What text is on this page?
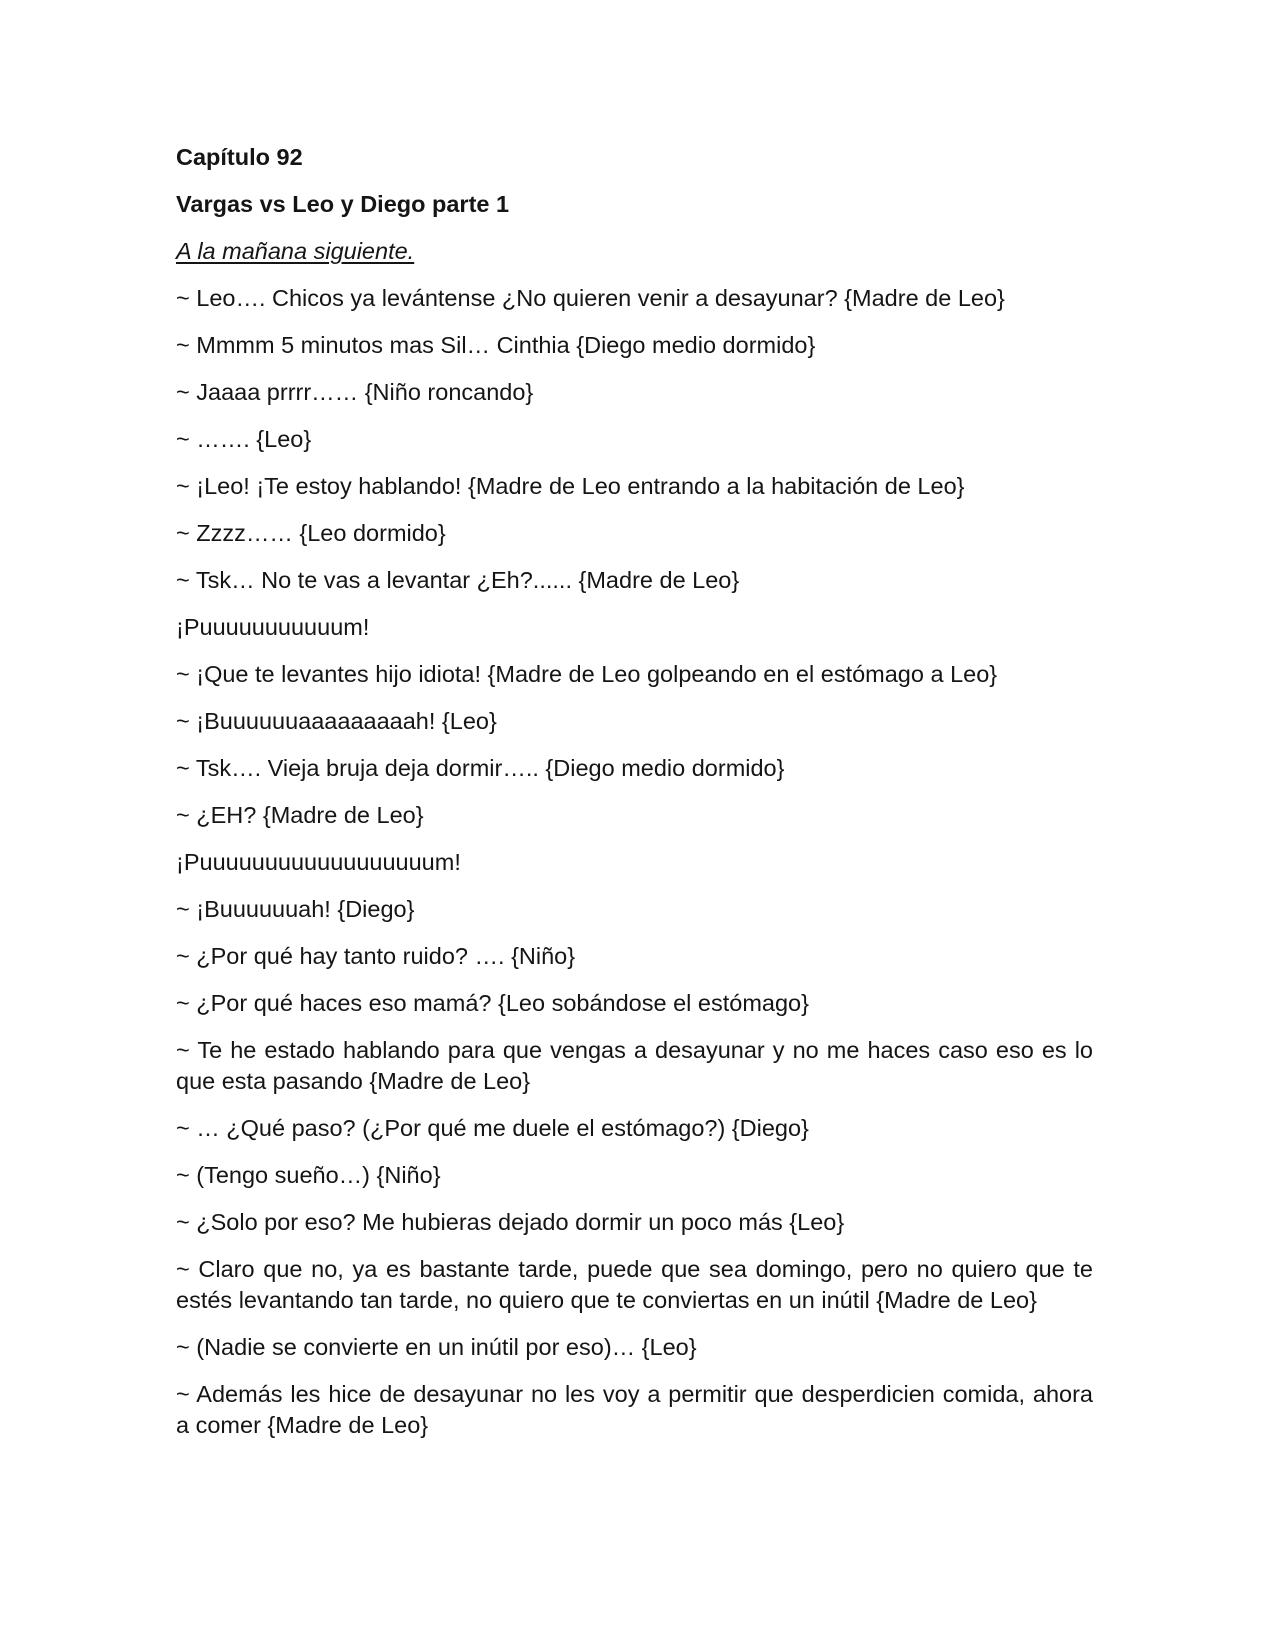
Capítulo 92

Vargas vs Leo y Diego parte 1

A la mañana siguiente.

~ Leo…. Chicos ya levántense ¿No quieren venir a desayunar? {Madre de Leo}

~ Mmmm 5 minutos mas Sil… Cinthia {Diego medio dormido}

~ Jaaaa prrrr…… {Niño roncando}

~ ……. {Leo}

~ ¡Leo! ¡Te estoy hablando! {Madre de Leo entrando a la habitación de Leo}

~ Zzzz…… {Leo dormido}

~ Tsk… No te vas a levantar ¿Eh?...... {Madre de Leo}

¡Puuuuuuuuuuum!

~ ¡Que te levantes hijo idiota! {Madre de Leo golpeando en el estómago a Leo}

~ ¡Buuuuuuaaaaaaaaah! {Leo}

~ Tsk…. Vieja bruja deja dormir….. {Diego medio dormido}

~ ¿EH? {Madre de Leo}

¡Puuuuuuuuuuuuuuuuuum!

~ ¡Buuuuuuah! {Diego}

~ ¿Por qué hay tanto ruido? …. {Niño}

~ ¿Por qué haces eso mamá? {Leo sobándose el estómago}

~ Te he estado hablando para que vengas a desayunar y no me haces caso eso es lo que esta pasando {Madre de Leo}

~ … ¿Qué paso? (¿Por qué me duele el estómago?) {Diego}

~ (Tengo sueño…) {Niño}

~ ¿Solo por eso? Me hubieras dejado dormir un poco más {Leo}

~ Claro que no, ya es bastante tarde, puede que sea domingo, pero no quiero que te estés levantando tan tarde, no quiero que te conviertas en un inútil {Madre de Leo}

~ (Nadie se convierte en un inútil por eso)… {Leo}

~ Además les hice de desayunar no les voy a permitir que desperdicien comida, ahora a comer {Madre de Leo}
